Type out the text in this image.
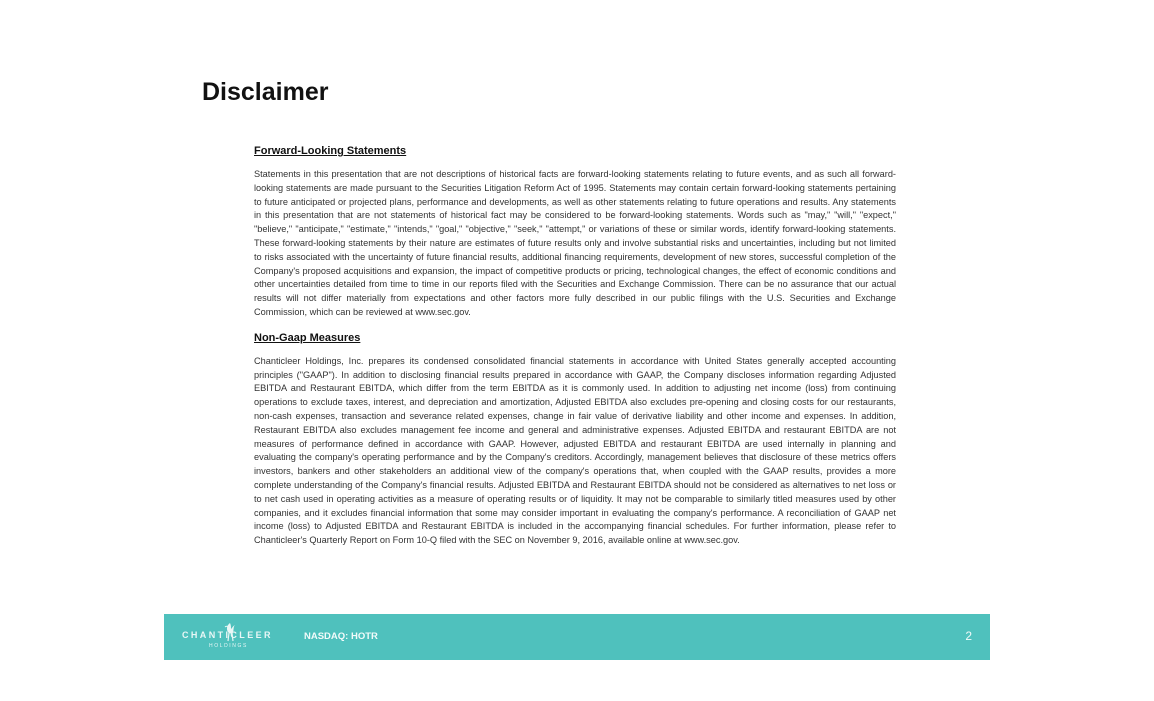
Disclaimer

Forward-Looking Statements

Statements in this presentation that are not descriptions of historical facts are forward-looking statements relating to future events, and as such all forward-looking statements are made pursuant to the Securities Litigation Reform Act of 1995. Statements may contain certain forward-looking statements pertaining to future anticipated or projected plans, performance and developments, as well as other statements relating to future operations and results. Any statements in this presentation that are not statements of historical fact may be considered to be forward-looking statements. Words such as "may," "will," "expect," "believe," "anticipate," "estimate," "intends," "goal," "objective," "seek," "attempt," or variations of these or similar words, identify forward-looking statements. These forward-looking statements by their nature are estimates of future results only and involve substantial risks and uncertainties, including but not limited to risks associated with the uncertainty of future financial results, additional financing requirements, development of new stores, successful completion of the Company's proposed acquisitions and expansion, the impact of competitive products or pricing, technological changes, the effect of economic conditions and other uncertainties detailed from time to time in our reports filed with the Securities and Exchange Commission. There can be no assurance that our actual results will not differ materially from expectations and other factors more fully described in our public filings with the U.S. Securities and Exchange Commission, which can be reviewed at www.sec.gov.

Non-Gaap Measures

Chanticleer Holdings, Inc. prepares its condensed consolidated financial statements in accordance with United States generally accepted accounting principles ("GAAP"). In addition to disclosing financial results prepared in accordance with GAAP, the Company discloses information regarding Adjusted EBITDA and Restaurant EBITDA, which differ from the term EBITDA as it is commonly used. In addition to adjusting net income (loss) from continuing operations to exclude taxes, interest, and depreciation and amortization, Adjusted EBITDA also excludes pre-opening and closing costs for our restaurants, non-cash expenses, transaction and severance related expenses, change in fair value of derivative liability and other income and expenses. In addition, Restaurant EBITDA also excludes management fee income and general and administrative expenses. Adjusted EBITDA and restaurant EBITDA are not measures of performance defined in accordance with GAAP. However, adjusted EBITDA and restaurant EBITDA are used internally in planning and evaluating the company's operating performance and by the Company's creditors. Accordingly, management believes that disclosure of these metrics offers investors, bankers and other stakeholders an additional view of the company's operations that, when coupled with the GAAP results, provides a more complete understanding of the Company's financial results. Adjusted EBITDA and Restaurant EBITDA should not be considered as alternatives to net loss or to net cash used in operating activities as a measure of operating results or of liquidity. It may not be comparable to similarly titled measures used by other companies, and it excludes financial information that some may consider important in evaluating the company's performance. A reconciliation of GAAP net income (loss) to Adjusted EBITDA and Restaurant EBITDA is included in the accompanying financial schedules. For further information, please refer to Chanticleer's Quarterly Report on Form 10-Q filed with the SEC on November 9, 2016, available online at www.sec.gov.

CHANTICLEER
HOLDINGS
NASDAQ: HOTR	2
